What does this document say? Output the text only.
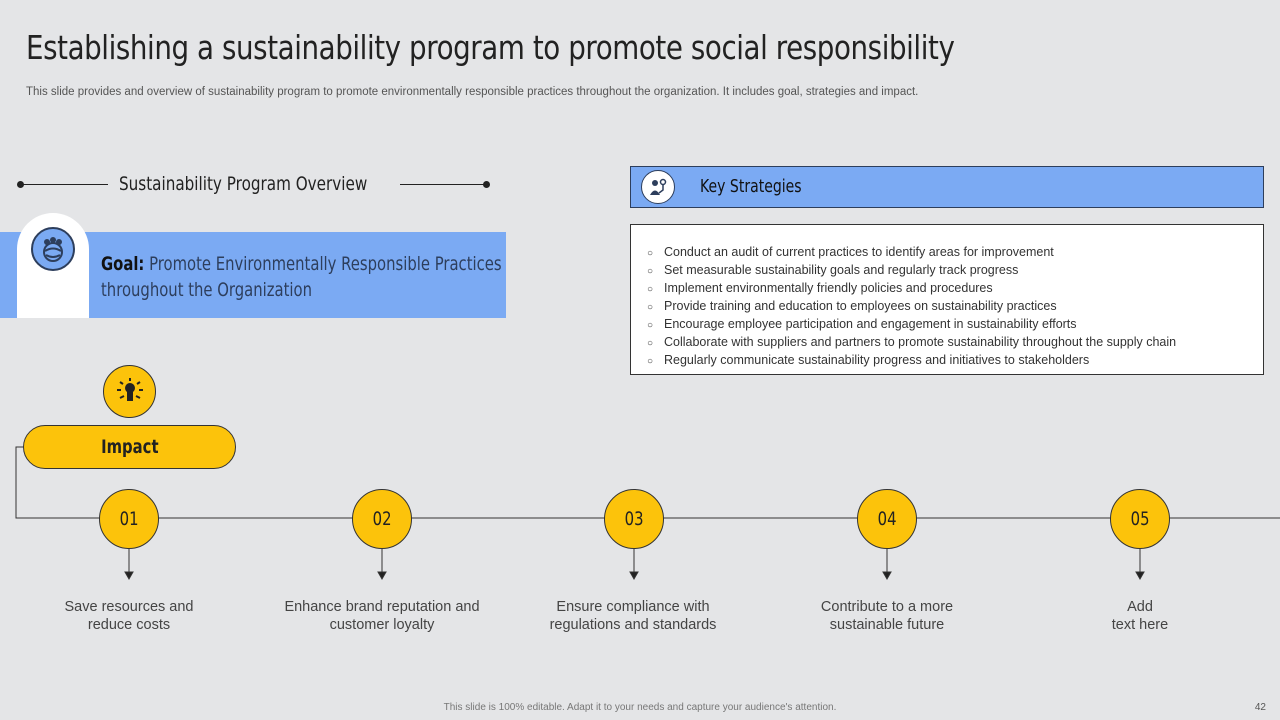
Establishing a sustainability program to promote social responsibility
This slide provides and overview of sustainability program to promote environmentally responsible practices throughout the organization. It includes goal, strategies and impact.
Sustainability Program Overview
Goal: Promote Environmentally Responsible Practices throughout the Organization
Key Strategies
○ Conduct an audit of current practices to identify areas for improvement
○ Set measurable sustainability goals and regularly track progress
○ Implement environmentally friendly policies and procedures
○ Provide training and education to employees on sustainability practices
○ Encourage employee participation and engagement in sustainability efforts
○ Collaborate with suppliers and partners to promote sustainability throughout the supply chain
○ Regularly communicate sustainability progress and initiatives to stakeholders
Impact
01	02	03	04	05
Save resources and
reduce costs
Enhance brand reputation and
customer loyalty
Ensure compliance with
regulations and standards
Contribute to a more
sustainable future
Add
text here
This slide is 100% editable. Adapt it to your needs and capture your audience's attention.	42
